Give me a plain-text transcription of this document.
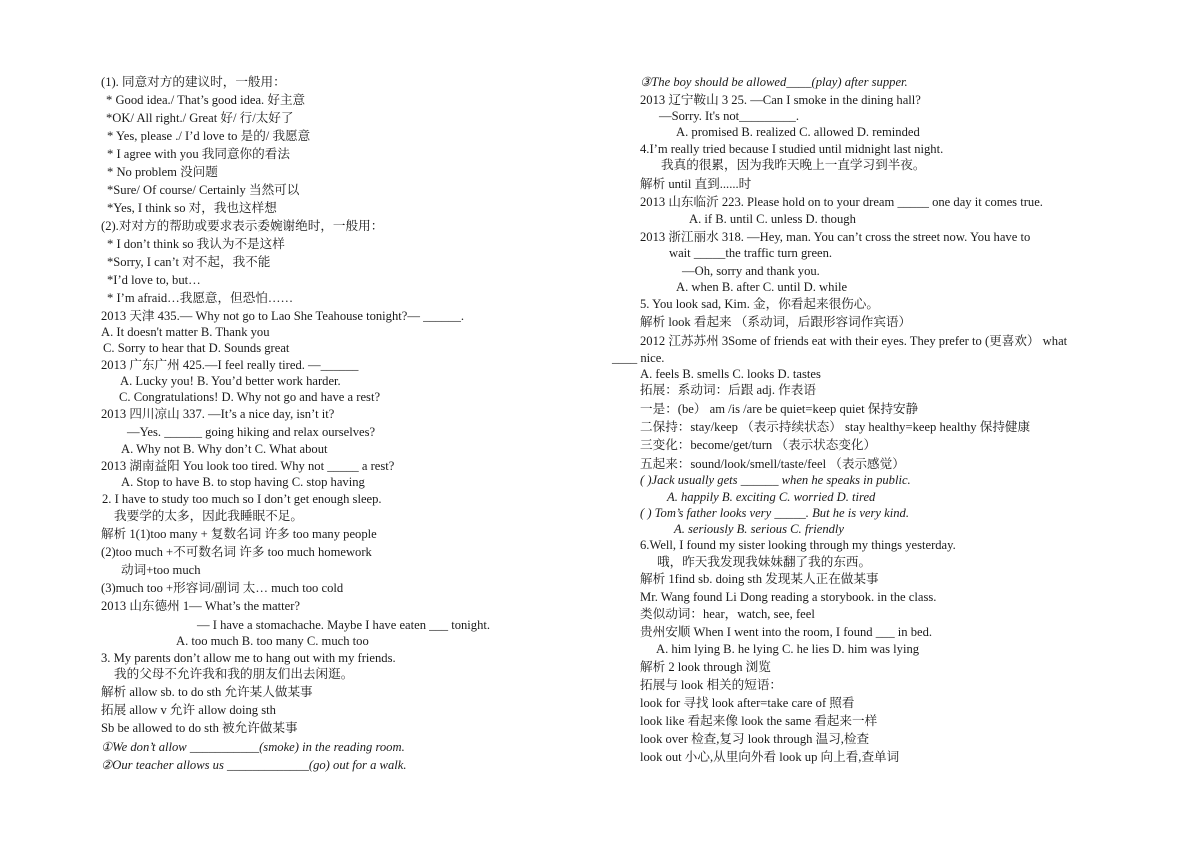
(1). 同意对方的建议时，一般用：
* Good idea./ That’s good idea. 好主意
*OK/ All right./ Great 好/ 行/太好了
* Yes, please ./ I’d love to 是的/ 我愿意
* I agree with you 我同意你的看法
* No problem 没问题
*Sure/ Of course/ Certainly 当然可以
*Yes, I think so 对，我也这样想
(2).对对方的帮助或要求表示委婉谢绝时，一般用：
* I don’t think so 我认为不是这样
*Sorry, I can’t 对不起，我不能
*I’d love to, but…
* I’m afraid…我愿意，但恐怕……
2013 天津 435.— Why not go to Lao She Teahouse tonight?— ______.
A. It doesn't matter B. Thank you
C. Sorry to hear that D. Sounds great
2013 广东广州 425.—I feel really tired. —______
A. Lucky you! B. You’d better work harder.
C. Congratulations! D. Why not go and have a rest?
2013 四川凉山 337. —It’s a nice day, isn’t it?
—Yes. ______ going hiking and relax ourselves?
A. Why not B. Why don’t C. What about
2013 湖南益阳 You look too tired. Why not _____ a rest?
A. Stop to have B. to stop having C. stop having
2. I have to study too much so I don’t get enough sleep.
我要学的太多，因此我睡眠不足。
解析 1(1)too many + 复数名词 许多 too many people
(2)too much +不可数名词 许多 too much homework
动词+too much
(3)much too +形容词/副词 太… much too cold
2013 山东德州 1— What’s the matter?
— I have a stomachache. Maybe I have eaten ___ tonight.
A. too much B. too many C. much too
3. My parents don’t allow me to hang out with my friends.
我的父母不允许我和我的朋友们出去闲逛。
解析 allow sb. to do sth 允许某人做某事
拓展 allow v 允许 allow doing sth
Sb be allowed to do sth 被允许做某事
①We don’t allow ___________(smoke) in the reading room.
②Our teacher allows us _____________(go) out for a walk.
③The boy should be allowed____(play) after supper.
2013 辽宁鞍山 3 25. —Can I smoke in the dining hall?
—Sorry. It's not_________.
A. promised B. realized C. allowed D. reminded
4.I’m really tried because I studied until midnight last night.
我真的很累，因为我昨天晚上一直学习到半夜。
解析 until 直到......时
2013 山东临沂 223. Please hold on to your dream _____ one day it comes true.
A. if B. until C. unless D. though
2013 浙江丽水 318. —Hey, man. You can’t cross the street now. You have to
wait _____the traffic turn green.
—Oh, sorry and thank you.
A. when B. after C. until D. while
5. You look sad, Kim. 金，你看起来很伤心。
解析 look 看起来 （系动词，后跟形容词作宾语）
2012 江苏苏州 3Some of friends eat with their eyes. They prefer to (更喜欢） what
____ nice.
A. feels B. smells C. looks D. tastes
拓展：系动词：后跟 adj. 作表语
一是：(be） am /is /are be quiet=keep quiet 保持安静
二保持：stay/keep （表示持续状态） stay healthy=keep healthy 保持健康
三变化：become/get/turn （表示状态变化）
五起来：sound/look/smell/taste/feel （表示感觉）
( )Jack usually gets ______ when he speaks in public.
A. happily B. exciting C. worried D. tired
( ) Tom’s father looks very _____. But he is very kind.
A. seriously B. serious C. friendly
6.Well, I found my sister looking through my things yesterday.
哦，昨天我发现我妹妹翻了我的东西。
解析 1find sb. doing sth 发现某人正在做某事
Mr. Wang found Li Dong reading a storybook. in the class.
类似动词：hear，watch, see, feel
贵州安顺 When I went into the room, I found ___ in bed.
A. him lying B. he lying C. he lies D. him was lying
解析 2 look through 浏览
拓展与 look 相关的短语：
look for 寻找 look after=take care of 照看
look like 看起来像 look the same 看起来一样
look over 检查,复习 look through 温习,检查
look out 小心,从里向外看 look up 向上看,查单词
